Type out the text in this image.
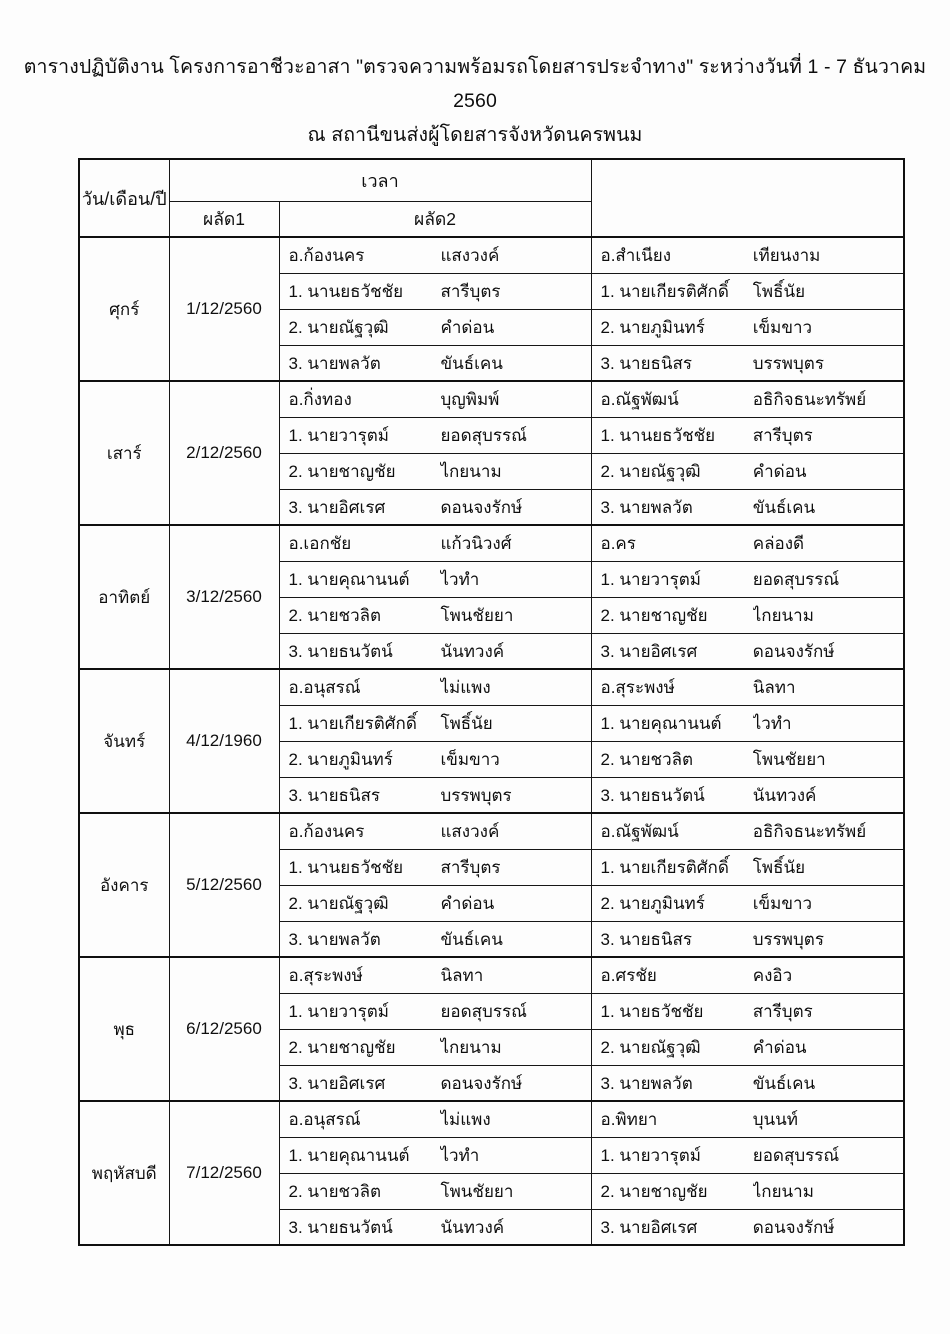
ตารางปฏิบัติงาน โครงการอาชีวะอาสา "ตรวจความพร้อมรถโดยสารประจำทาง" ระหว่างวันที่ 1 - 7 ธันวาคม 2560
ณ สถานีขนส่งผู้โดยสารจังหวัดนครพนม
วัน/เดือน/ปี	เวลา		
	ผลัด1	ผลัด2	
ศุกร์	1/12/2560	อ.ก้องนคร แสงวงค์	อ.สำเนียง เทียนงาม

		1. นานยธวัชชัย สารีบุตร	1. นายเกียรติศักดิ์ โพธิ์นัย

		2. นายณัฐวุฒิ คำด่อน	2. นายภูมินทร์ เข็มขาว

		3. นายพลวัต ขันธ์เคน	3. นายธนิสร บรรพบุตร

เสาร์	2/12/2560	อ.กิ่งทอง บุญพิมพ์	อ.ณัฐพัฒน์ อธิกิจธนะทรัพย์

		1. นายวารุตม์ ยอดสุบรรณ์	1. นานยธวัชชัย สารีบุตร

		2. นายชาญชัย ไกยนาม	2. นายณัฐวุฒิ คำด่อน

		3. นายอิศเรศ ดอนจงรักษ์	3. นายพลวัต ขันธ์เคน

อาทิตย์	3/12/2560	อ.เอกชัย แก้วนิวงศ์	อ.คร คล่องดี

		1. นายคุณานนต์ ไวทำ	1. นายวารุตม์ ยอดสุบรรณ์

		2. นายชวลิต โพนชัยยา	2. นายชาญชัย ไกยนาม

		3. นายธนวัตน์ นันทวงค์	3. นายอิศเรศ ดอนจงรักษ์

จันทร์	4/12/1960	อ.อนุสรณ์ ไม่แพง	อ.สุระพงษ์ นิลทา

		1. นายเกียรติศักดิ์ โพธิ์นัย	1. นายคุณานนต์ ไวทำ

		2. นายภูมินทร์ เข็มขาว	2. นายชวลิต โพนชัยยา

		3. นายธนิสร บรรพบุตร	3. นายธนวัตน์ นันทวงค์

อังคาร	5/12/2560	อ.ก้องนคร แสงวงค์	อ.ณัฐพัฒน์ อธิกิจธนะทรัพย์

		1. นานยธวัชชัย สารีบุตร	1. นายเกียรติศักดิ์ โพธิ์นัย

		2. นายณัฐวุฒิ คำด่อน	2. นายภูมินทร์ เข็มขาว

		3. นายพลวัต ขันธ์เคน	3. นายธนิสร บรรพบุตร

พุธ	6/12/2560	อ.สุระพงษ์ นิลทา	อ.ศรชัย คงอิว

		1. นายวารุตม์ ยอดสุบรรณ์	1. นายธวัชชัย สารีบุตร

		2. นายชาญชัย ไกยนาม	2. นายณัฐวุฒิ คำด่อน

		3. นายอิศเรศ ดอนจงรักษ์	3. นายพลวัต ขันธ์เคน

พฤหัสบดี	7/12/2560	อ.อนุสรณ์ ไม่แพง	อ.พิทยา บุนนท์

		1. นายคุณานนต์ ไวทำ	1. นายวารุตม์ ยอดสุบรรณ์

		2. นายชวลิต โพนชัยยา	2. นายชาญชัย ไกยนาม

		3. นายธนวัตน์ นันทวงค์	3. นายอิศเรศ ดอนจงรักษ์
